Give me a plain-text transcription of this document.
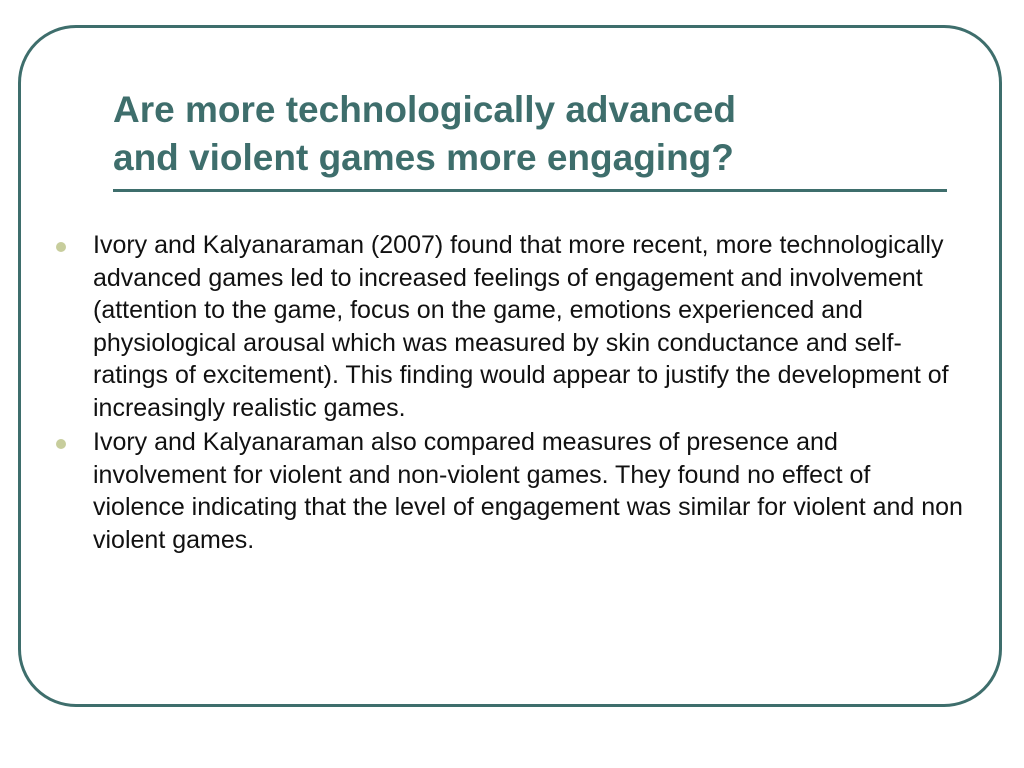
Are more technologically advanced
and violent games more engaging?
Ivory and Kalyanaraman (2007) found that more recent, more technologically advanced games led to increased feelings of engagement and involvement (attention to the game, focus on the game, emotions experienced and physiological arousal which was measured by skin conductance and self-ratings of excitement). This finding would appear to justify the development of increasingly realistic games.
Ivory and Kalyanaraman also compared measures of presence and involvement for violent and non-violent games. They found no effect of violence indicating that the level of engagement was similar for violent and non violent games.
